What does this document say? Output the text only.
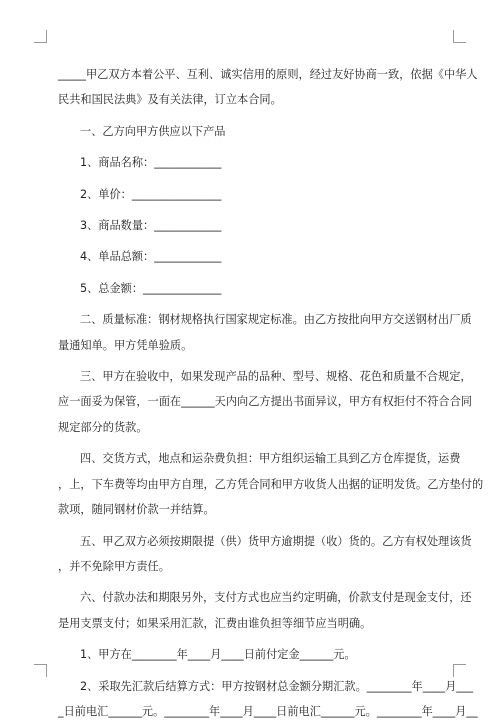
_____甲乙双方本着公平、互利、诚实信用的原则，经过友好协商一致，依据《中华人

民共和国民法典》及有关法律，订立本合同。

一、乙方向甲方供应以下产品

1、商品名称：____________

2、单价：________________

3、商品数量：____________

4、单品总额：____________

5、总金额：______________

二、质量标准：钢材规格执行国家规定标准。由乙方按批向甲方交送钢材出厂质

量通知单。甲方凭单验质。

三、甲方在验收中，如果发现产品的品种、型号、规格、花色和质量不合规定，

应一面妥为保管，一面在______天内向乙方提出书面异议，甲方有权拒付不符合合同

规定部分的货款。

四、交货方式，地点和运杂费负担：甲方组织运输工具到乙方仓库提货，运费

，上，下车费等均由甲方自理，乙方凭合同和甲方收货人出据的证明发货。乙方垫付的

款项，随同钢材价款一并结算。

五、甲乙双方必须按期限提（供）货甲方逾期提（收）货的。乙方有权处理该货

，并不免除甲方责任。

六、付款办法和期限另外，支付方式也应当约定明确，价款支付是现金支付，还

是用支票支付；如果采用汇款，汇费由谁负担等细节应当明确。

1、甲方在________年____月____日前付定金______元。

2、采取先汇款后结算方式：甲方按钢材总金额分期汇款。________年____月___

_日前电汇______元。________年____月____日前电汇______元。________年____月__
